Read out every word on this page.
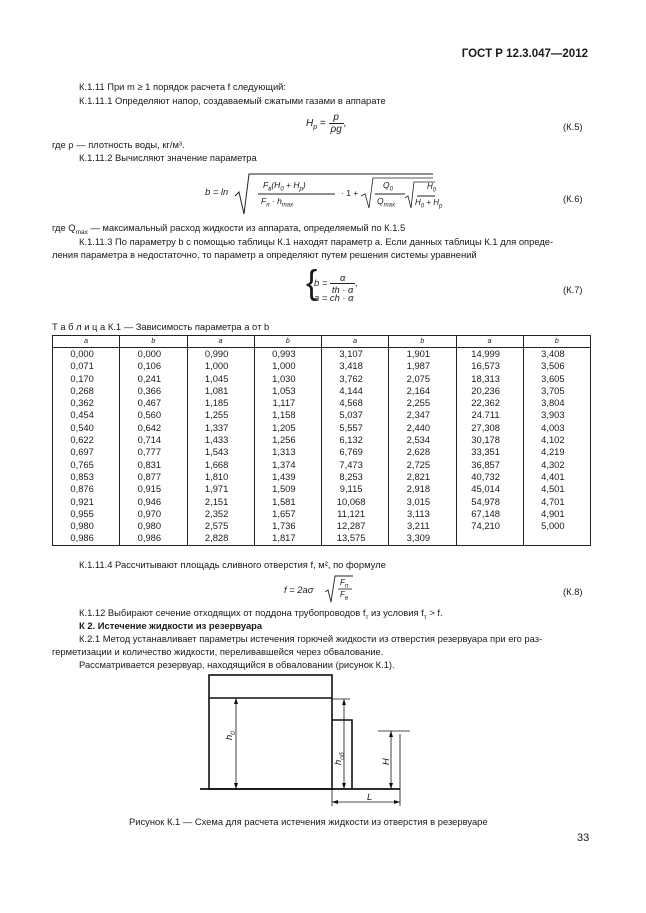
ГОСТ Р 12.3.047—2012
К.1.11 При m ≥ 1 порядок расчета f следующий:
К.1.11.1 Определяют напор, создаваемый сжатыми газами в аппарате
$H_р = \frac{p}{\rho g}$ ,	(К.5)
где ρ — плотность воды, кг/м³.
К.1.11.2 Вычисляют значение параметра
b = ln
$F_в(H_0 + H_р)$
$F_п \cdot h_{max}$
· 1 +
$Q_0$
$Q_{max}$
$H_0$
$H_0 + H_р$
(К.6)
где $Q_{max}$ — максимальный расход жидкости из аппарата, определяемый по К.1.5
К.1.11.3 По параметру b с помощью таблицы К.1 находят параметр а. Если данных таблицы К.1 для опреде-
ления параметра в недостаточно, то параметр а определяют путем решения системы уравнений
{
$b = \frac{\alpha}{th \cdot \alpha}$ ,
a = ch · α
(К.7)
Т а б л и ц а К.1 — Зависимость параметра а от b
a	b	a	b	a	b	a	b
0,000	0,000	0,990	0,993	3,107	1,901	14,999	3,408
0,071	0,106	1,000	1,000	3,418	1,987	16,573	3,506
0,170	0,241	1,045	1,030	3,762	2,075	18,313	3,605
0,268	0,366	1,081	1,053	4,144	2,164	20,236	3,705
0,362	0,467	1,185	1,117	4,568	2,255	22,362	3,804
0,454	0,560	1,255	1,158	5,037	2,347	24.711	3,903
0,540	0,642	1,337	1,205	5,557	2,440	27,308	4,003
0,622	0,714	1,433	1,256	6,132	2,534	30,178	4,102
0,697	0,777	1,543	1,313	6,769	2,628	33,351	4,219
0,765	0,831	1,668	1,374	7,473	2,725	36,857	4,302
0,853	0,877	1,810	1,439	8,253	2,821	40,732	4,401
0,876	0,915	1,971	1,509	9,115	2,918	45,014	4,501
0,921	0,946	2,151	1,581	10,068	3,015	54,978	4,701
0,955	0,970	2,352	1,657	11,121	3,113	67,148	4,901
0,980	0,980	2,575	1,736	12,287	3,211	74,210	5,000
0,986	0,986	2,828	1,817	13,575	3,309		
К.1.11.4 Рассчитывают площадь сливного отверстия f, м², по формуле
f = 2aσ
$F_п$
$F_в$
(К.8)
К.1.12 Выбирают сечение отходящих от поддона трубопроводов $f_т$ из условия $f_т > f$.
К 2. Истечение жидкости из резервуара
К.2.1 Метод устанавливает параметры истечения горючей жидкости из отверстия резервуара при его раз-
герметизации и количество жидкости, переливавшейся через обвалование.
Рассматривается резервуар, находящийся в обваловании (рисунок К.1).
$h_0$
$h_{об}$
H
L
Рисунок К.1 — Схема для расчета истечения жидкости из отверстия в резервуаре
33
